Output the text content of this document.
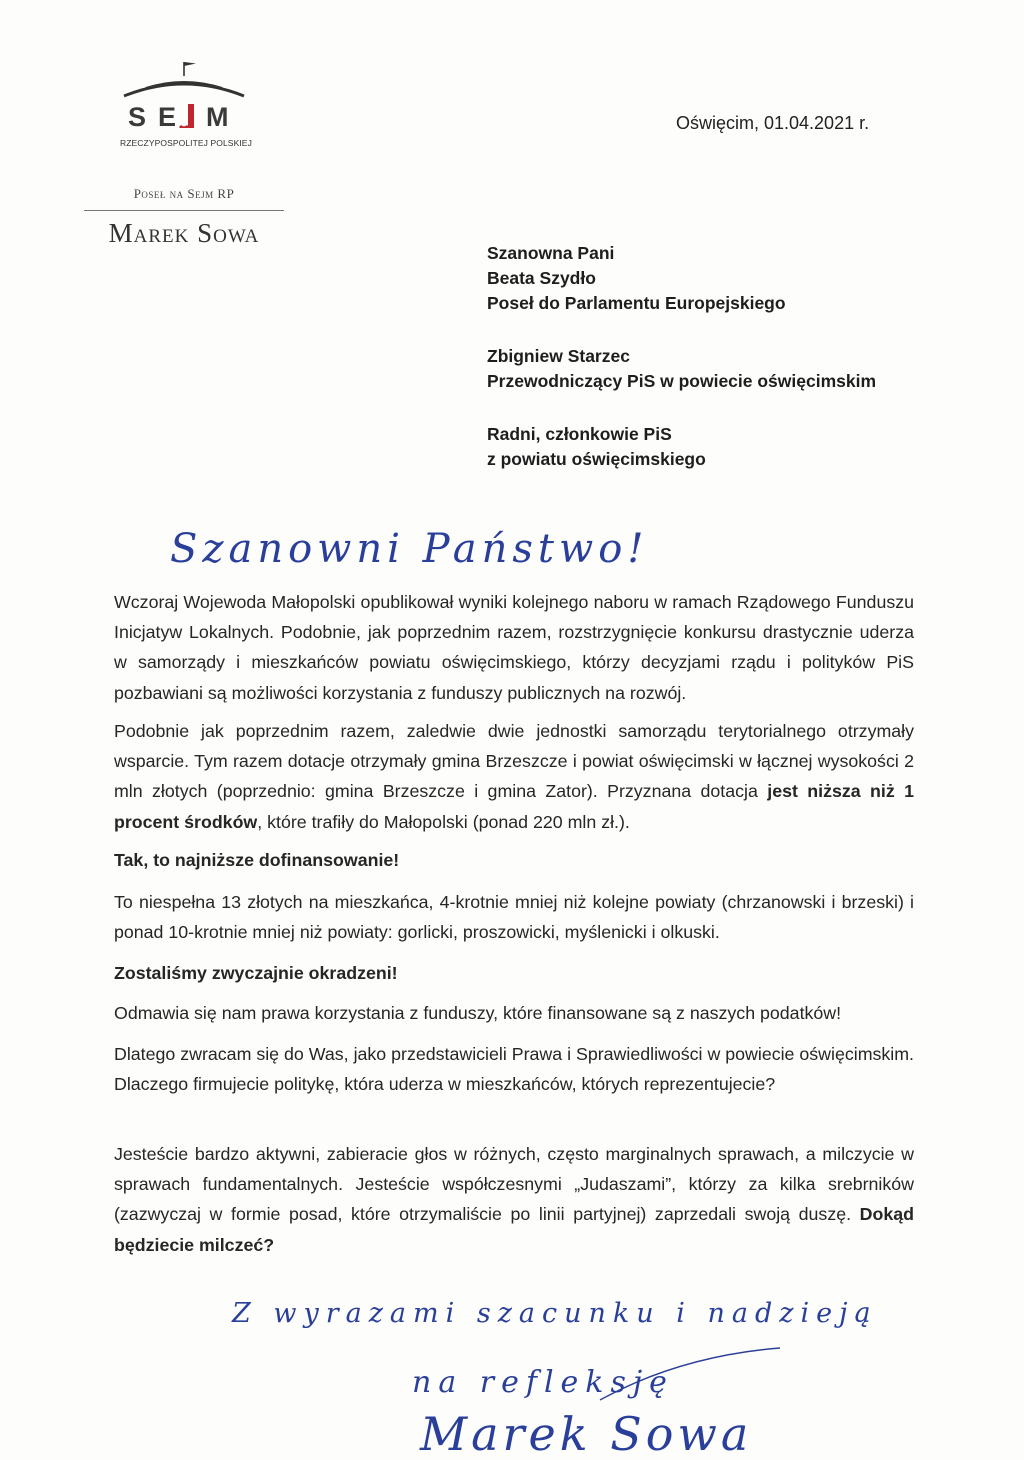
S E M
RZECZYPOSPOLITEJ POLSKIEJ
Poseł na Sejm RP
Marek Sowa
Oświęcim, 01.04.2021 r.
Szanowna Pani
Beata Szydło
Poseł do Parlamentu Europejskiego
Zbigniew Starzec
Przewodniczący PiS w powiecie oświęcimskim
Radni, członkowie PiS
z powiatu oświęcimskiego
Szanowni Państwo!
Z wyrazami szacunku i nadzieją
na refleksję
Marek Sowa
Wczoraj Wojewoda Małopolski opublikował wyniki kolejnego naboru w ramach Rządowego Funduszu Inicjatyw Lokalnych. Podobnie, jak poprzednim razem, rozstrzygnięcie konkursu drastycznie uderza w samorządy i mieszkańców powiatu oświęcimskiego, którzy decyzjami rządu i polityków PiS pozbawiani są możliwości korzystania z funduszy publicznych na rozwój.
Podobnie jak poprzednim razem, zaledwie dwie jednostki samorządu terytorialnego otrzymały wsparcie. Tym razem dotacje otrzymały gmina Brzeszcze i powiat oświęcimski w łącznej wysokości 2 mln złotych (poprzednio: gmina Brzeszcze i gmina Zator). Przyznana dotacja jest niższa niż 1 procent środków, które trafiły do Małopolski (ponad 220 mln zł.).
Tak, to najniższe dofinansowanie!
To niespełna 13 złotych na mieszkańca, 4-krotnie mniej niż kolejne powiaty (chrzanowski i brzeski) i ponad 10-krotnie mniej niż powiaty: gorlicki, proszowicki, myślenicki i olkuski.
Zostaliśmy zwyczajnie okradzeni!
Odmawia się nam prawa korzystania z funduszy, które finansowane są z naszych podatków!
Dlatego zwracam się do Was, jako przedstawicieli Prawa i Sprawiedliwości w powiecie oświęcimskim. Dlaczego firmujecie politykę, która uderza w mieszkańców, których reprezentujecie?
Jesteście bardzo aktywni, zabieracie głos w różnych, często marginalnych sprawach, a milczycie w sprawach fundamentalnych. Jesteście współczesnymi „Judaszami”, którzy za kilka srebrników (zazwyczaj w formie posad, które otrzymaliście po linii partyjnej) zaprzedali swoją duszę. Dokąd będziecie milczeć?
